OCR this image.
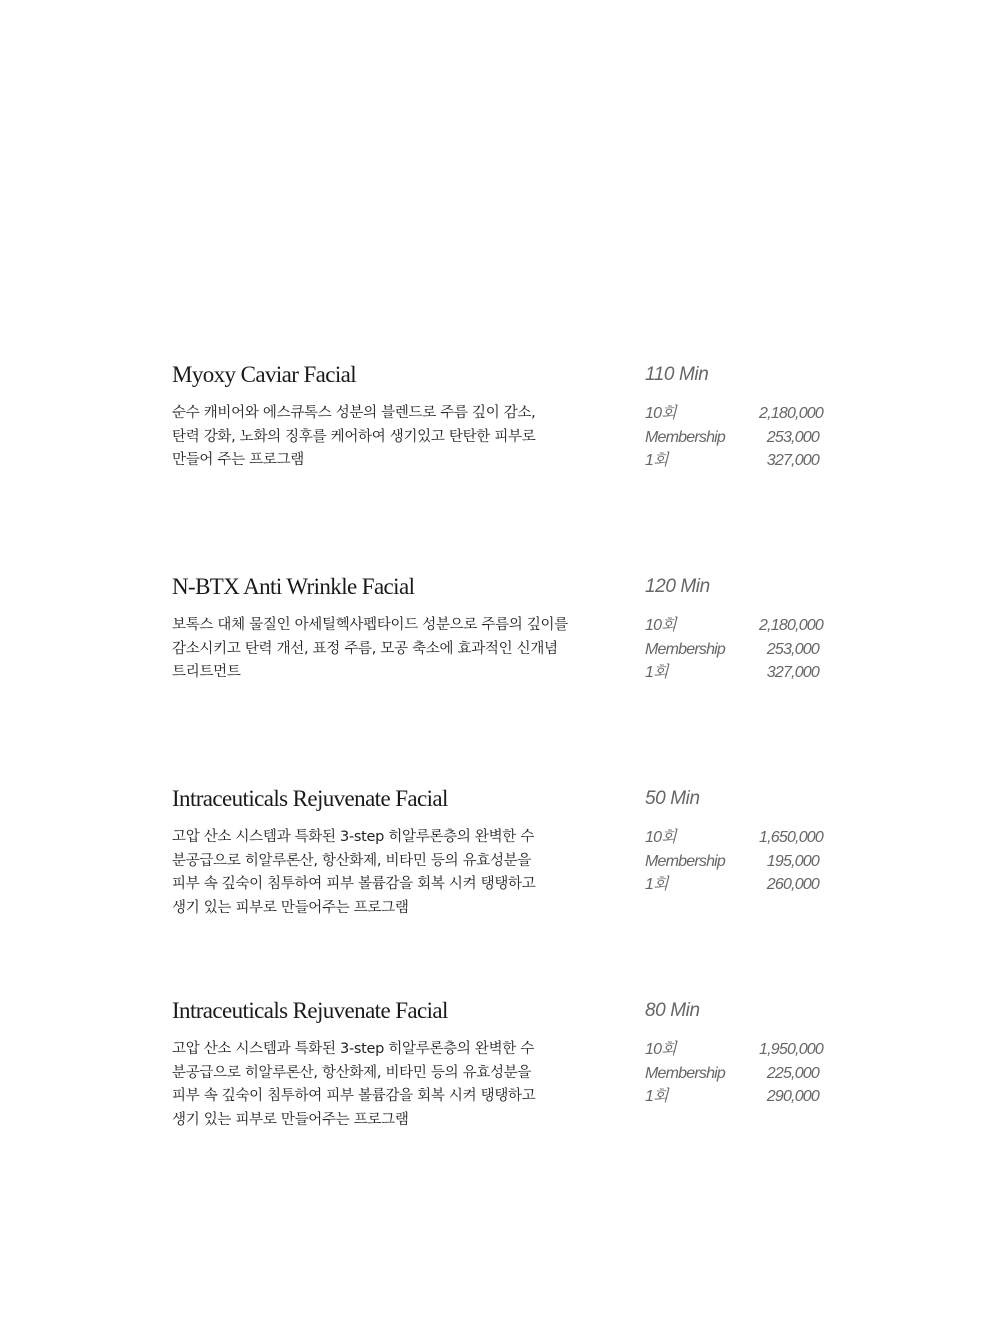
Myoxy Caviar Facial	110 Min

순수 캐비어와 에스큐톡스 성분의 블렌드로 주름 깊이 감소,
탄력 강화, 노화의 징후를 케어하여 생기있고 탄탄한 피부로
만들어 주는 프로그램

10회	2,180,000
Membership	253,000
1회	327,000
N-BTX Anti Wrinkle Facial	120 Min

보톡스 대체 물질인 아세틸헥사펩타이드 성분으로 주름의 깊이를
감소시키고 탄력 개선, 표정 주름, 모공 축소에 효과적인 신개념
트리트먼트

10회	2,180,000
Membership	253,000
1회	327,000
Intraceuticals Rejuvenate Facial	50 Min

고압 산소 시스템과 특화된 3-step 히알루론층의 완벽한 수
분공급으로 히알루론산, 항산화제, 비타민 등의 유효성분을
피부 속 깊숙이 침투하여 피부 볼륨감을 회복 시켜 탱탱하고
생기 있는 피부로 만들어주는 프로그램

10회	1,650,000
Membership	195,000
1회	260,000
Intraceuticals Rejuvenate Facial	80 Min

고압 산소 시스템과 특화된 3-step 히알루론층의 완벽한 수
분공급으로 히알루론산, 항산화제, 비타민 등의 유효성분을
피부 속 깊숙이 침투하여 피부 볼륨감을 회복 시켜 탱탱하고
생기 있는 피부로 만들어주는 프로그램

10회	1,950,000
Membership	225,000
1회	290,000
